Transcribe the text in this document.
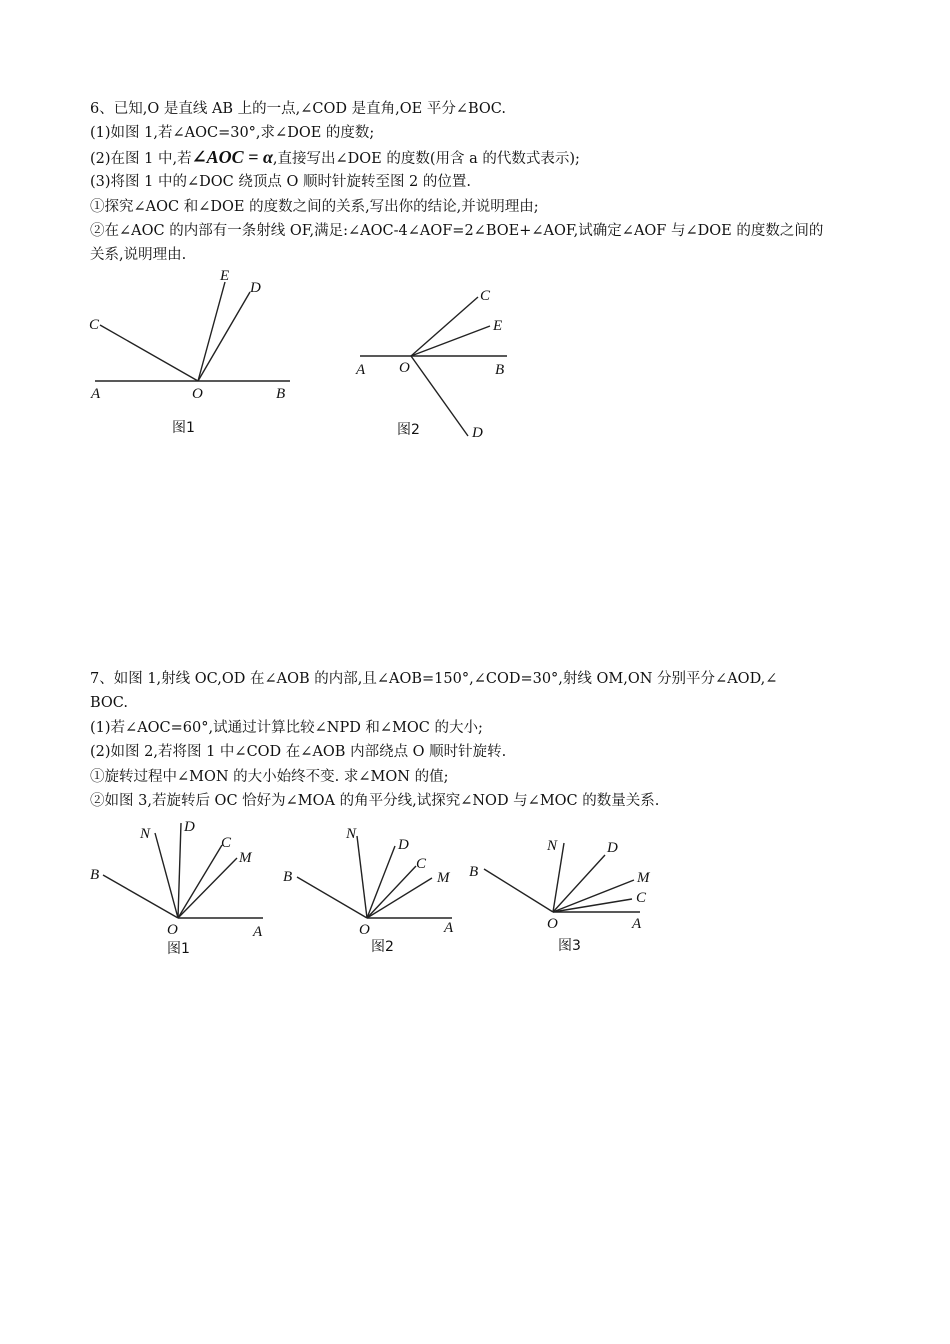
6、已知,O 是直线 AB 上的一点,∠COD 是直角,OE 平分∠BOC.
(1)如图 1,若∠AOC=30°,求∠DOE 的度数;
(2)在图 1 中,若∠AOC = α,直接写出∠DOE 的度数(用含 a 的代数式表示);
(3)将图 1 中的∠DOC 绕顶点 O 顺时针旋转至图 2 的位置.
①探究∠AOC 和∠DOE 的度数之间的关系,写出你的结论,并说明理由;
②在∠AOC 的内部有一条射线 OF,满足:∠AOC-4∠AOF=2∠BOE+∠AOF,试确定∠AOF 与∠DOE 的度数之间的
关系,说明理由.
C
E
D
A	O	B
图1
C
E
A O	B
D
图2
7、如图 1,射线 OC,OD 在∠AOB 的内部,且∠AOB=150°,∠COD=30°,射线 OM,ON 分别平分∠AOD,∠
BOC.
(1)若∠AOC=60°,试通过计算比较∠NPD 和∠MOC 的大小;
(2)如图 2,若将图 1 中∠COD 在∠AOB 内部绕点 O 顺时针旋转.
①旋转过程中∠MON 的大小始终不变. 求∠MON 的值;
②如图 3,若旋转后 OC 恰好为∠MOA 的角平分线,试探究∠NOD 与∠MOC 的数量关系.
N D
C
M
B
O	A
图1
N
D
C
M
B
O	A
图2
N	D
M
C
B
O	A
图3
